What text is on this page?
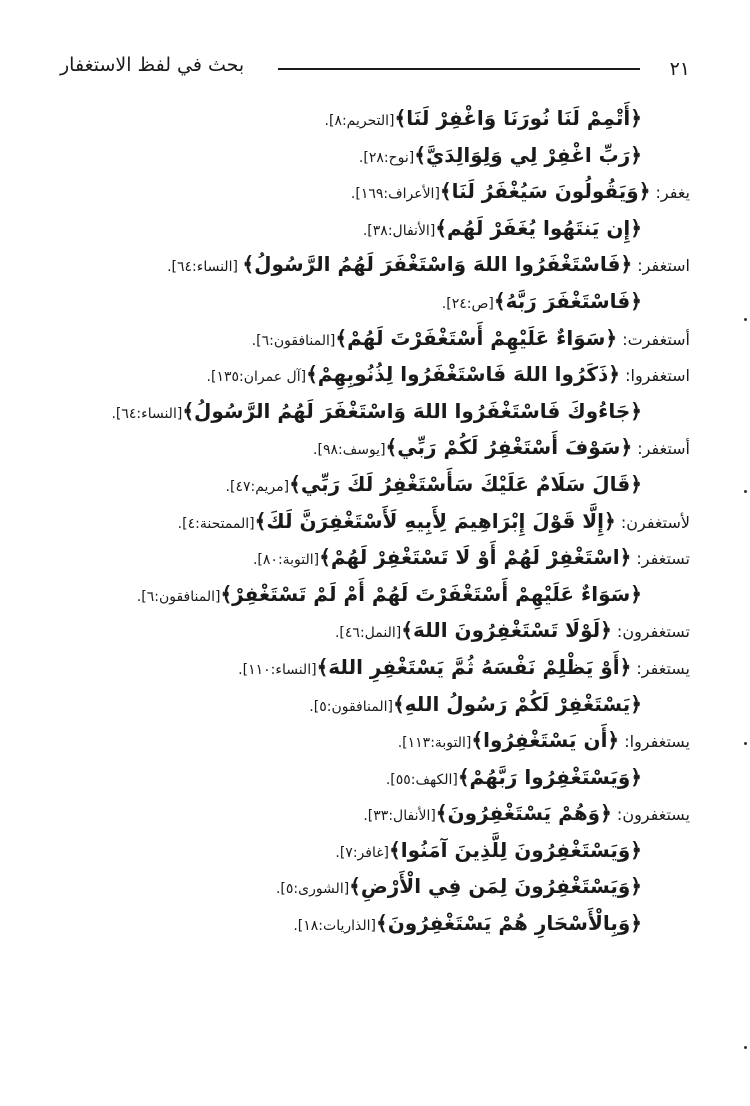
٢١
بحث في لفظ الاستغفار
﴿أَتْمِمْ لَنَا نُورَنَا وَاغْفِرْ لَنَا﴾[التحريم:٨].
﴿رَبِّ اغْفِرْ لِي وَلِوَالِدَيَّ﴾[نوح:٢٨].
يغفر: ﴿وَيَقُولُونَ سَيُغْفَرُ لَنَا﴾[الأعراف:١٦٩].
﴿إِن يَنتَهُوا يُغَفَرْ لَهُم﴾[الأنفال:٣٨].
استغفر: ﴿فَاسْتَغْفَرُوا اللهَ وَاسْتَغْفَرَ لَهُمُ الرَّسُولُ﴾ [النساء:٦٤].
﴿فَاسْتَغْفَرَ رَبَّهُ﴾[ص:٢٤].
أستغفرت: ﴿سَوَاءٌ عَلَيْهِمْ أَسْتَغْفَرْتَ لَهُمْ﴾[المنافقون:٦].
استغفروا: ﴿ذَكَرُوا اللهَ فَاسْتَغْفَرُوا لِذُنُوبِهِمْ﴾[آل عمران:١٣٥].
﴿جَاءُوكَ فَاسْتَغْفَرُوا اللهَ وَاسْتَغْفَرَ لَهُمُ الرَّسُولُ﴾[النساء:٦٤].
أستغفر: ﴿سَوْفَ أَسْتَغْفِرُ لَكُمْ رَبِّي﴾[يوسف:٩٨].
﴿قَالَ سَلَامٌ عَلَيْكَ سَأَسْتَغْفِرُ لَكَ رَبِّي﴾[مريم:٤٧].
لأستغفرن: ﴿إِلَّا قَوْلَ إِبْرَاهِيمَ لِأَبِيهِ لَأَسْتَغْفِرَنَّ لَكَ﴾[الممتحنة:٤].
تستغفر: ﴿اسْتَغْفِرْ لَهُمْ أَوْ لَا تَسْتَغْفِرْ لَهُمْ﴾[التوبة:٨٠].
﴿سَوَاءٌ عَلَيْهِمْ أَسْتَغْفَرْتَ لَهُمْ أَمْ لَمْ تَسْتَغْفِرْ﴾[المنافقون:٦].
تستغفرون: ﴿لَوْلَا تَسْتَغْفِرُونَ اللهَ﴾[النمل:٤٦].
يستغفر: ﴿أَوْ يَظْلِمْ نَفْسَهُ ثُمَّ يَسْتَغْفِرِ اللهَ﴾[النساء:١١٠].
﴿يَسْتَغْفِرْ لَكُمْ رَسُولُ اللهِ﴾[المنافقون:٥].
يستغفروا: ﴿أَن يَسْتَغْفِرُوا﴾[التوبة:١١٣].
﴿وَيَسْتَغْفِرُوا رَبَّهُمْ﴾[الكهف:٥٥].
يستغفرون: ﴿وَهُمْ يَسْتَغْفِرُونَ﴾[الأنفال:٣٣].
﴿وَيَسْتَغْفِرُونَ لِلَّذِينَ آمَنُوا﴾[غافر:٧].
﴿وَيَسْتَغْفِرُونَ لِمَن فِي الْأَرْضِ﴾[الشورى:٥].
﴿وَبِالْأَسْحَارِ هُمْ يَسْتَغْفِرُونَ﴾[الذاريات:١٨].
